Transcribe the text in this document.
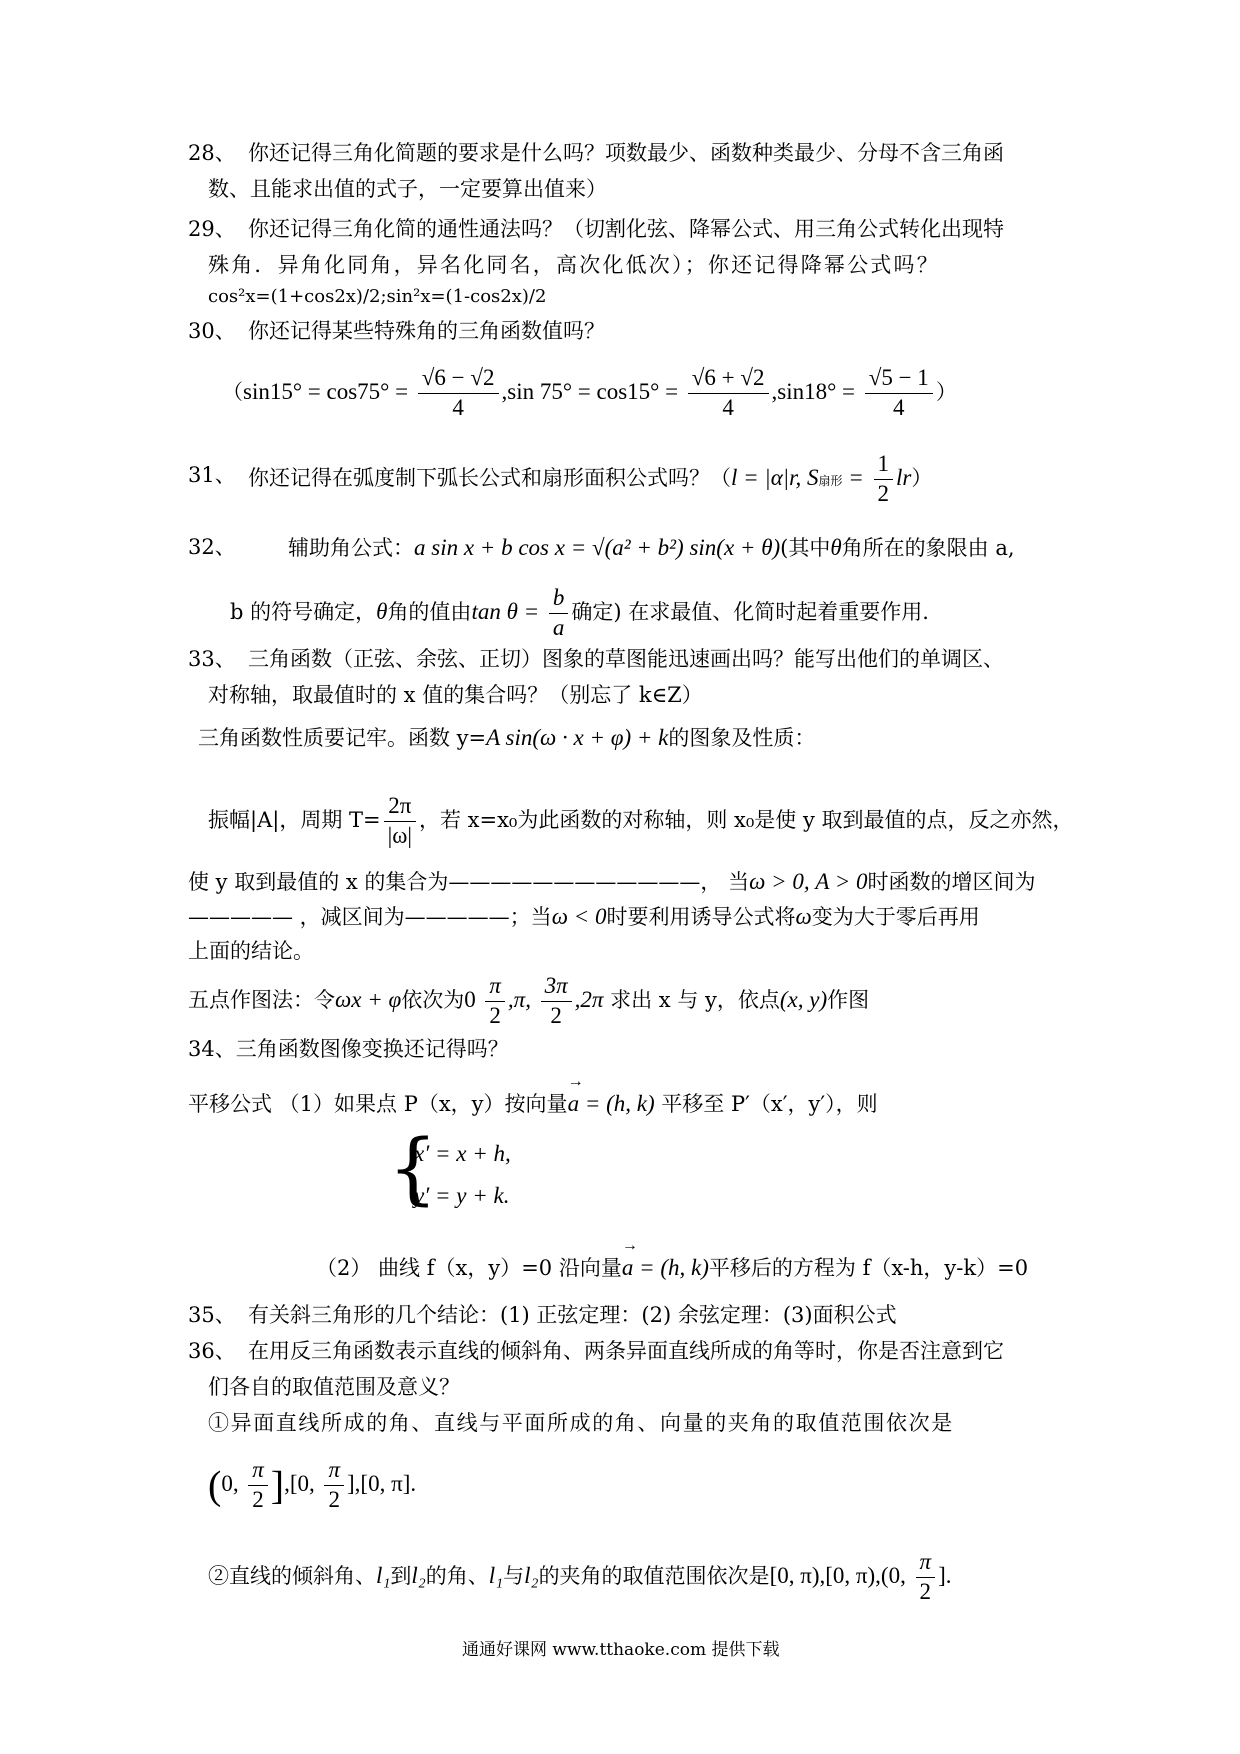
28、 你还记得三角化简题的要求是什么吗？项数最少、函数种类最少、分母不含三角函
数、且能求出值的式子，一定要算出值来）
29、 你还记得三角化简的通性通法吗？（切割化弦、降幂公式、用三角公式转化出现特
殊角．异角化同角，异名化同名，高次化低次）；你还记得降幂公式吗？
cos²x=(1+cos2x)/2;sin²x=(1-cos2x)/2
30、 你还记得某些特殊角的三角函数值吗？
（$\sin 15^\circ = \cos 75^\circ = \frac{√6 - √2}{4} ,\sin$ $75^\circ = \cos 15^\circ = \frac{√6 + √2}{4} ,\sin 18^\circ = \frac{√5 - 1}{4}$ ）
31、 你还记得在弧度制下弧长公式和扇形面积公式吗？（l = |α|r, S扇形 = $\frac{1}{2} lr$）
32、 辅助角公式：a sin x + b cos x = √(a² + b²) sin(x + θ)(其中θ角所在的象限由 a,
b 的符号确定，θ角的值由$\tan \theta = \frac{b}{a}$ 确定) 在求最值、化简时起着重要作用.
33、 三角函数（正弦、余弦、正切）图象的草图能迅速画出吗？能写出他们的单调区、
对称轴，取最值时的 x 值的集合吗？（别忘了 k∈Z）
三角函数性质要记牢。函数 y=A sin(ω · x + φ) + k的图象及性质：
振幅|A|，周期 $T= \frac{2\pi}{|\omega|}$ ，若 x=x₀为此函数的对称轴，则 x₀是使 y 取到最值的点，反之亦然，
使 y 取到最值的 x 的集合为————————————， 当ω > 0, A > 0时函数的增区间为
————— ，减区间为—————；当ω < 0时要利用诱导公式将ω变为大于零后再用
上面的结论。
五点作图法：令ωx + φ依次为$0 \frac{\pi}{2} ,\pi$, $\frac{3\pi}{2} ,2\pi$ 求出 x 与 y，依点(x, y)作图
34、三角函数图像变换还记得吗？
平移公式 （1）如果点 P（x，y）按向量→ a = (h, k) 平移至 P′（x′，y′），则
{
x′ = x + h,
y′ = y + k.
（2） 曲线 f（x，y）=0 沿向量→ a = (h, k)平移后的方程为 f（x-h，y-k）=0
35、 有关斜三角形的几个结论：(1) 正弦定理：(2) 余弦定理：(3)面积公式
36、 在用反三角函数表示直线的倾斜角、两条异面直线所成的角等时，你是否注意到它
们各自的取值范围及意义？
①异面直线所成的角、直线与平面所成的角、向量的夹角的取值范围依次是
(0, $\frac{\pi}{2} ],[0$, $\frac{\pi}{2} ],[0$, π].
②直线的倾斜角、l₁到l₂的角、l₁与l₂的夹角的取值范围依次是[0, π),[0, π),(0, $\frac{\pi}{2}$ ].
通通好课网 www.tthaoke.com 提供下载
